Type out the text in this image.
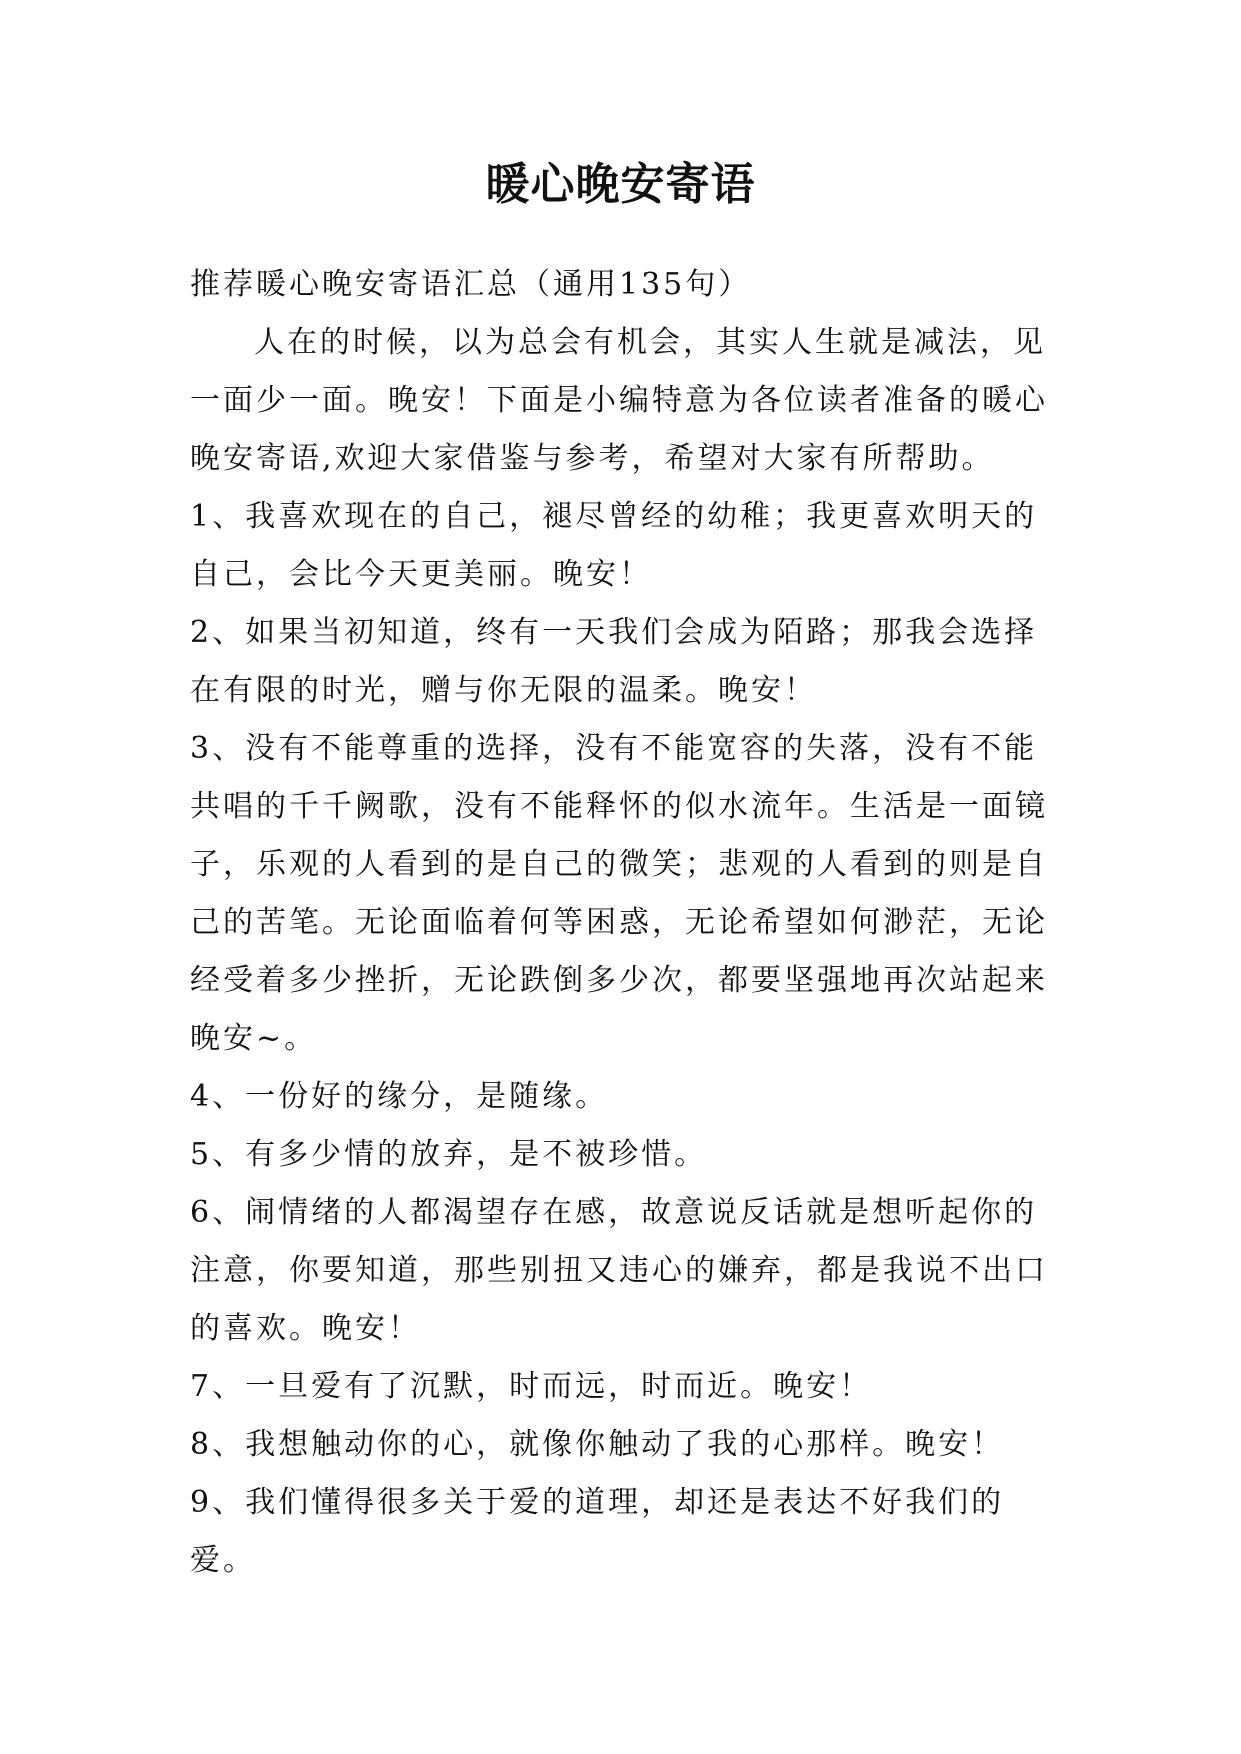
暖心晚安寄语

推荐暖心晚安寄语汇总（通用135句）

人在的时候，以为总会有机会，其实人生就是减法，见一面少一面。晚安！下面是小编特意为各位读者准备的暖心晚安寄语,欢迎大家借鉴与参考，希望对大家有所帮助。

1、我喜欢现在的自己，褪尽曾经的幼稚；我更喜欢明天的自己，会比今天更美丽。晚安！

2、如果当初知道，终有一天我们会成为陌路；那我会选择在有限的时光，赠与你无限的温柔。晚安！

3、没有不能尊重的选择，没有不能宽容的失落，没有不能共唱的千千阙歌，没有不能释怀的似水流年。生活是一面镜子，乐观的人看到的是自己的微笑；悲观的人看到的则是自己的苦笔。无论面临着何等困惑，无论希望如何渺茫，无论经受着多少挫折，无论跌倒多少次，都要坚强地再次站起来晚安~。

4、一份好的缘分，是随缘。

5、有多少情的放弃，是不被珍惜。

6、闹情绪的人都渴望存在感，故意说反话就是想听起你的注意，你要知道，那些别扭又违心的嫌弃，都是我说不出口的喜欢。晚安！

7、一旦爱有了沉默，时而远，时而近。晚安！

8、我想触动你的心，就像你触动了我的心那样。晚安！

9、我们懂得很多关于爱的道理，却还是表达不好我们的爱。
